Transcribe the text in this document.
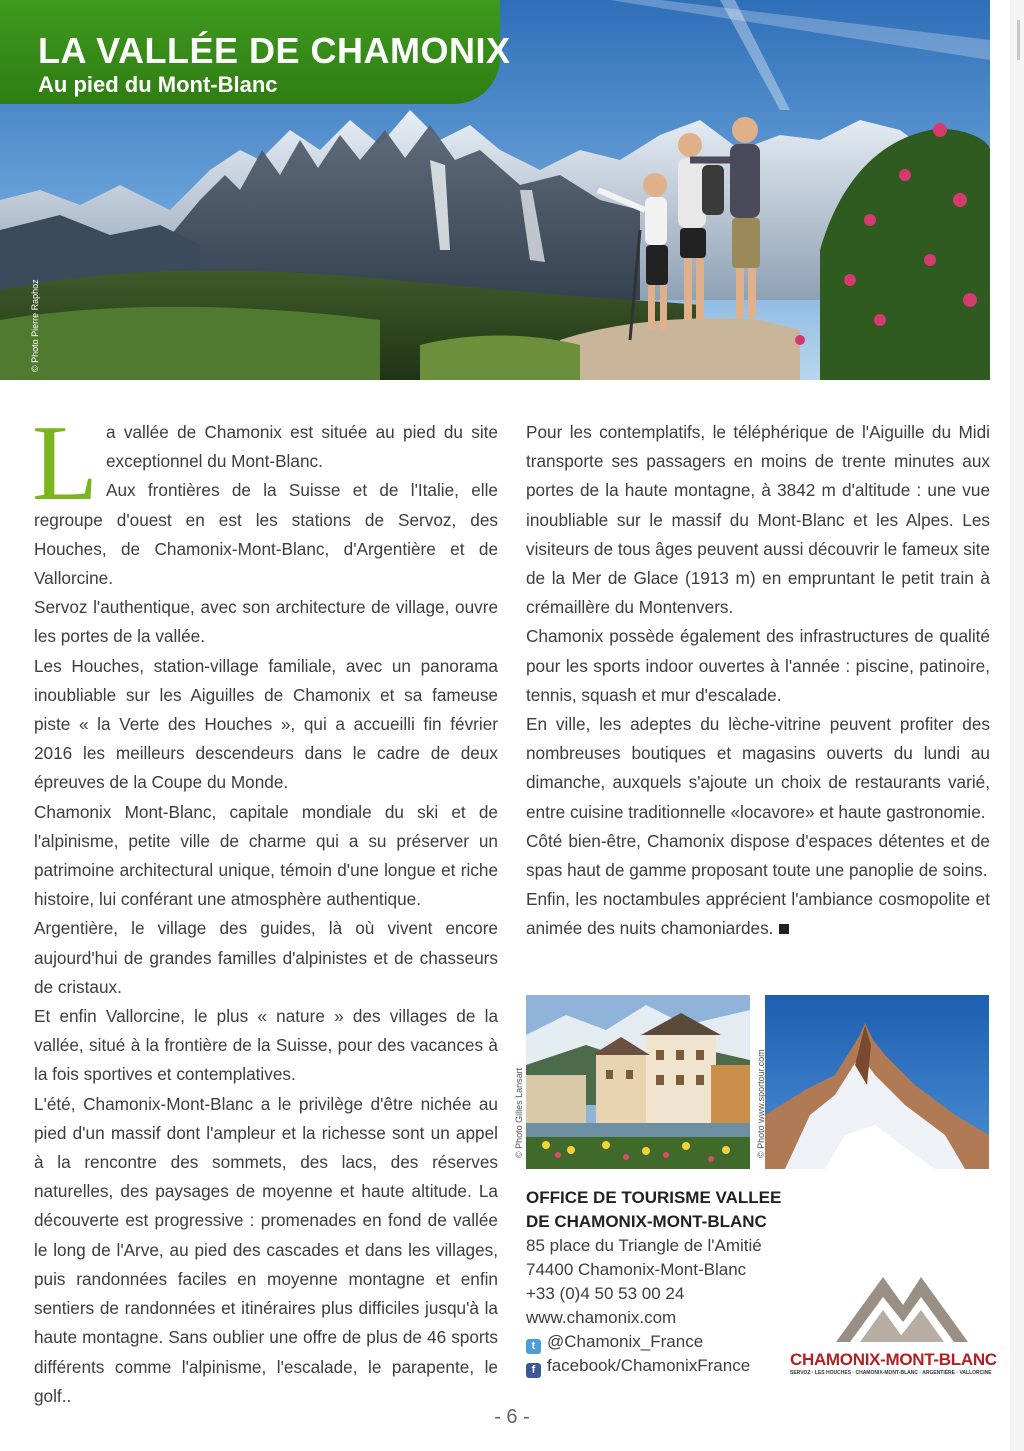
LA VALLÉE DE CHAMONIX
Au pied du Mont-Blanc
© Photo Pierre Raphoz

La vallée de Chamonix est située au pied du site exceptionnel du Mont-Blanc.

Aux frontières de la Suisse et de l'Italie, elle regroupe d'ouest en est les stations de Servoz, des Houches, de Chamonix-Mont-Blanc, d'Argentière et de Vallorcine.

Servoz l'authentique, avec son architecture de village, ouvre les portes de la vallée.

Les Houches, station-village familiale, avec un panorama inoubliable sur les Aiguilles de Chamonix et sa fameuse piste « la Verte des Houches », qui a accueilli fin février 2016 les meilleurs descendeurs dans le cadre de deux épreuves de la Coupe du Monde.

Chamonix Mont-Blanc, capitale mondiale du ski et de l'alpinisme, petite ville de charme qui a su préserver un patrimoine architectural unique, témoin d'une longue et riche histoire, lui conférant une atmosphère authentique.

Argentière, le village des guides, là où vivent encore aujourd'hui de grandes familles d'alpinistes et de chasseurs de cristaux.

Et enfin Vallorcine, le plus « nature » des villages de la vallée, situé à la frontière de la Suisse, pour des vacances à la fois sportives et contemplatives.

L'été, Chamonix-Mont-Blanc a le privilège d'être nichée au pied d'un massif dont l'ampleur et la richesse sont un appel à la rencontre des sommets, des lacs, des réserves naturelles, des paysages de moyenne et haute altitude. La découverte est progressive : promenades en fond de vallée le long de l'Arve, au pied des cascades et dans les villages, puis randonnées faciles en moyenne montagne et enfin sentiers de randonnées et itinéraires plus difficiles jusqu'à la haute montagne. Sans oublier une offre de plus de 46 sports différents comme l'alpinisme, l'escalade, le parapente, le golf..

Pour les contemplatifs, le téléphérique de l'Aiguille du Midi transporte ses passagers en moins de trente minutes aux portes de la haute montagne, à 3842 m d'altitude : une vue inoubliable sur le massif du Mont-Blanc et les Alpes. Les visiteurs de tous âges peuvent aussi découvrir le fameux site de la Mer de Glace (1913 m) en empruntant le petit train à crémaillère du Montenvers.

Chamonix possède également des infrastructures de qualité pour les sports indoor ouvertes à l'année : piscine, patinoire, tennis, squash et mur d'escalade.

En ville, les adeptes du lèche-vitrine peuvent profiter des nombreuses boutiques et magasins ouverts du lundi au dimanche, auxquels s'ajoute un choix de restaurants varié, entre cuisine traditionnelle «locavore» et haute gastronomie.

Côté bien-être, Chamonix dispose d'espaces détentes et de spas haut de gamme proposant toute une panoplie de soins.

Enfin, les noctambules apprécient l'ambiance cosmopolite et animée des nuits chamoniardes.

© Photo Gilles Lansart	© Photo www.sportour.com
OFFICE DE TOURISME VALLEE
DE CHAMONIX-MONT-BLANC
85 place du Triangle de l'Amitié
74400 Chamonix-Mont-Blanc
+33 (0)4 50 53 00 24
www.chamonix.com
t @Chamonix_France
f facebook/ChamonixFrance	CHAMONIX-MONT-BLANC
SERVOZ · LES HOUCHES · CHAMONIX-MONT-BLANC · ARGENTIÈRE · VALLORCINE
- 6 -
